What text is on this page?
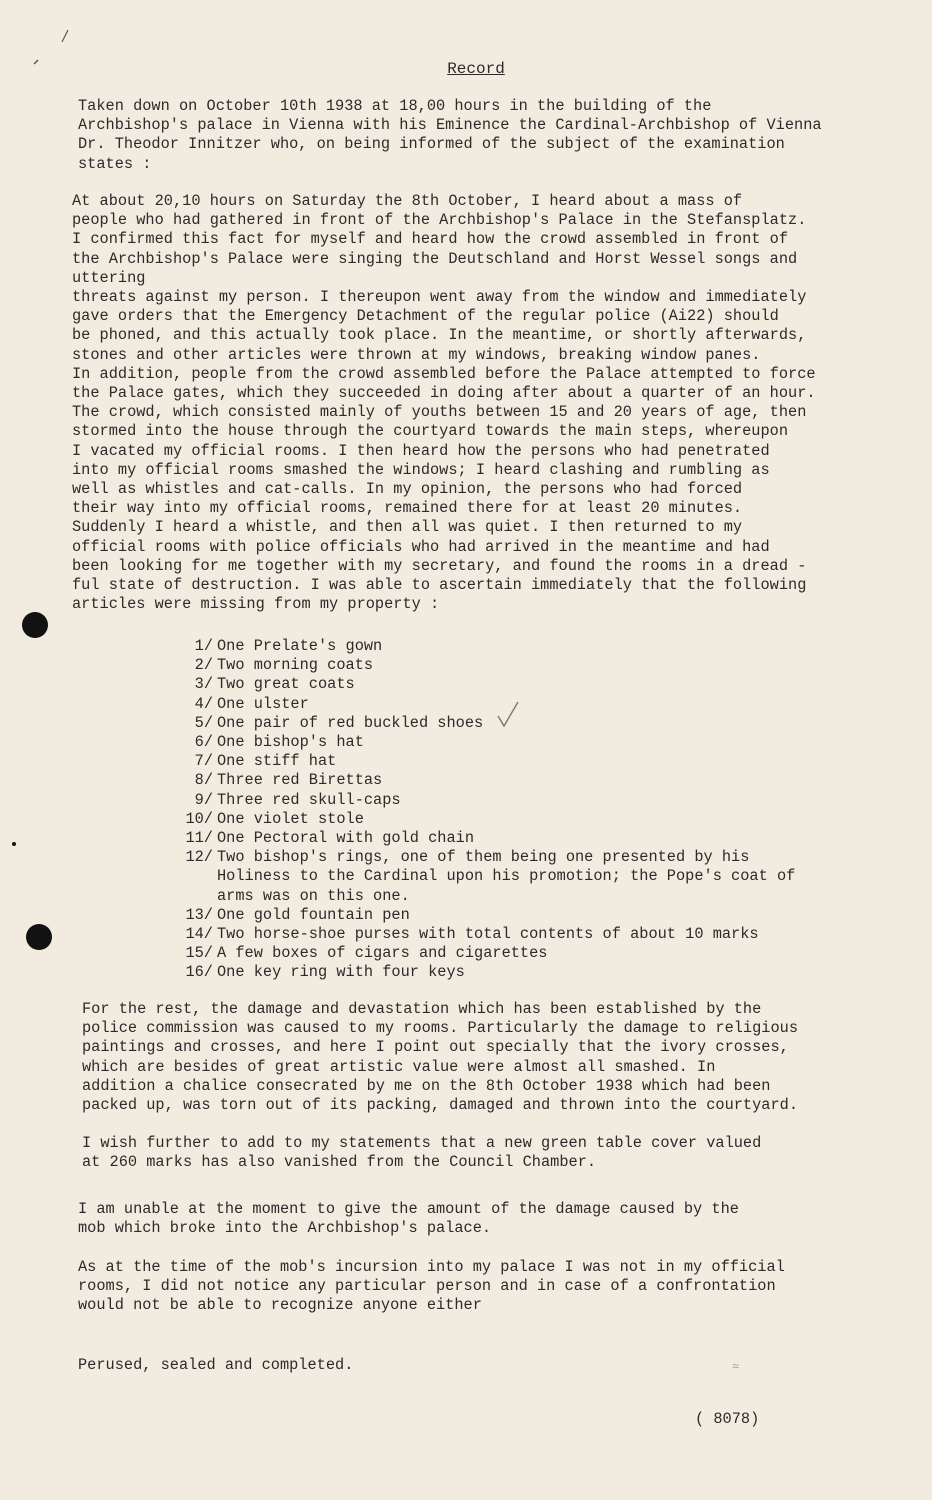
Record
Taken down on October 10th 1938 at 18,00 hours in the building of the
Archbishop's palace in Vienna with his Eminence the Cardinal-Archbishop of Vienna
Dr. Theodor Innitzer who, on being informed of the subject of the examination
states :
At about 20,10 hours on Saturday the 8th October, I heard about a mass of
people who had gathered in front of the Archbishop's Palace in the Stefansplatz.
I confirmed this fact for myself and heard how the crowd assembled in front of
the Archbishop's Palace were singing the Deutschland and Horst Wessel songs and uttering
threats against my person. I thereupon went away from the window and immediately
gave orders that the Emergency Detachment of the regular police (Ai22) should
be phoned, and this actually took place. In the meantime, or shortly afterwards,
stones and other articles were thrown at my windows, breaking window panes.
In addition, people from the crowd assembled before the Palace attempted to force
the Palace gates, which they succeeded in doing after about a quarter of an hour.
The crowd, which consisted mainly of youths between 15 and 20 years of age, then
stormed into the house through the courtyard towards the main steps, whereupon
I vacated my official rooms. I then heard how the persons who had penetrated
into my official rooms smashed the windows; I heard clashing and rumbling as
well as whistles and cat-calls. In my opinion, the persons who had forced
their way into my official rooms, remained there for at least 20 minutes.
Suddenly I heard a whistle, and then all was quiet. I then returned to my
official rooms with police officials who had arrived in the meantime and had
been looking for me together with my secretary, and found the rooms in a dread -
ful state of destruction. I was able to ascertain immediately that the following
articles were missing from my property :
1/ One Prelate's gown
2/ Two morning coats
3/ Two great coats
4/ One ulster
5/ One pair of red buckled shoes
6/ One bishop's hat
7/ One stiff hat
8/ Three red Birettas
9/ Three red skull-caps
10/ One violet stole
11/ One Pectoral with gold chain
12/ Two bishop's rings, one of them being one presented by his
Holiness to the Cardinal upon his promotion; the Pope's coat of
arms was on this one.
13/ One gold fountain pen
14/ Two horse-shoe purses with total contents of about 10 marks
15/ A few boxes of cigars and cigarettes
16/ One key ring with four keys
For the rest, the damage and devastation which has been established by the
police commission was caused to my rooms. Particularly the damage to religious
paintings and crosses, and here I point out specially that the ivory crosses,
which are besides of great artistic value were almost all smashed. In
addition a chalice consecrated by me on the 8th October 1938 which had been
packed up, was torn out of its packing, damaged and thrown into the courtyard.
I wish further to add to my statements that a new green table cover valued
at 260 marks has also vanished from the Council Chamber.
I am unable at the moment to give the amount of the damage caused by the
mob which broke into the Archbishop's palace.
As at the time of the mob's incursion into my palace I was not in my official
rooms, I did not notice any particular person and in case of a confrontation
would not be able to recognize anyone either
Perused, sealed and completed.	≈
( 8078)
